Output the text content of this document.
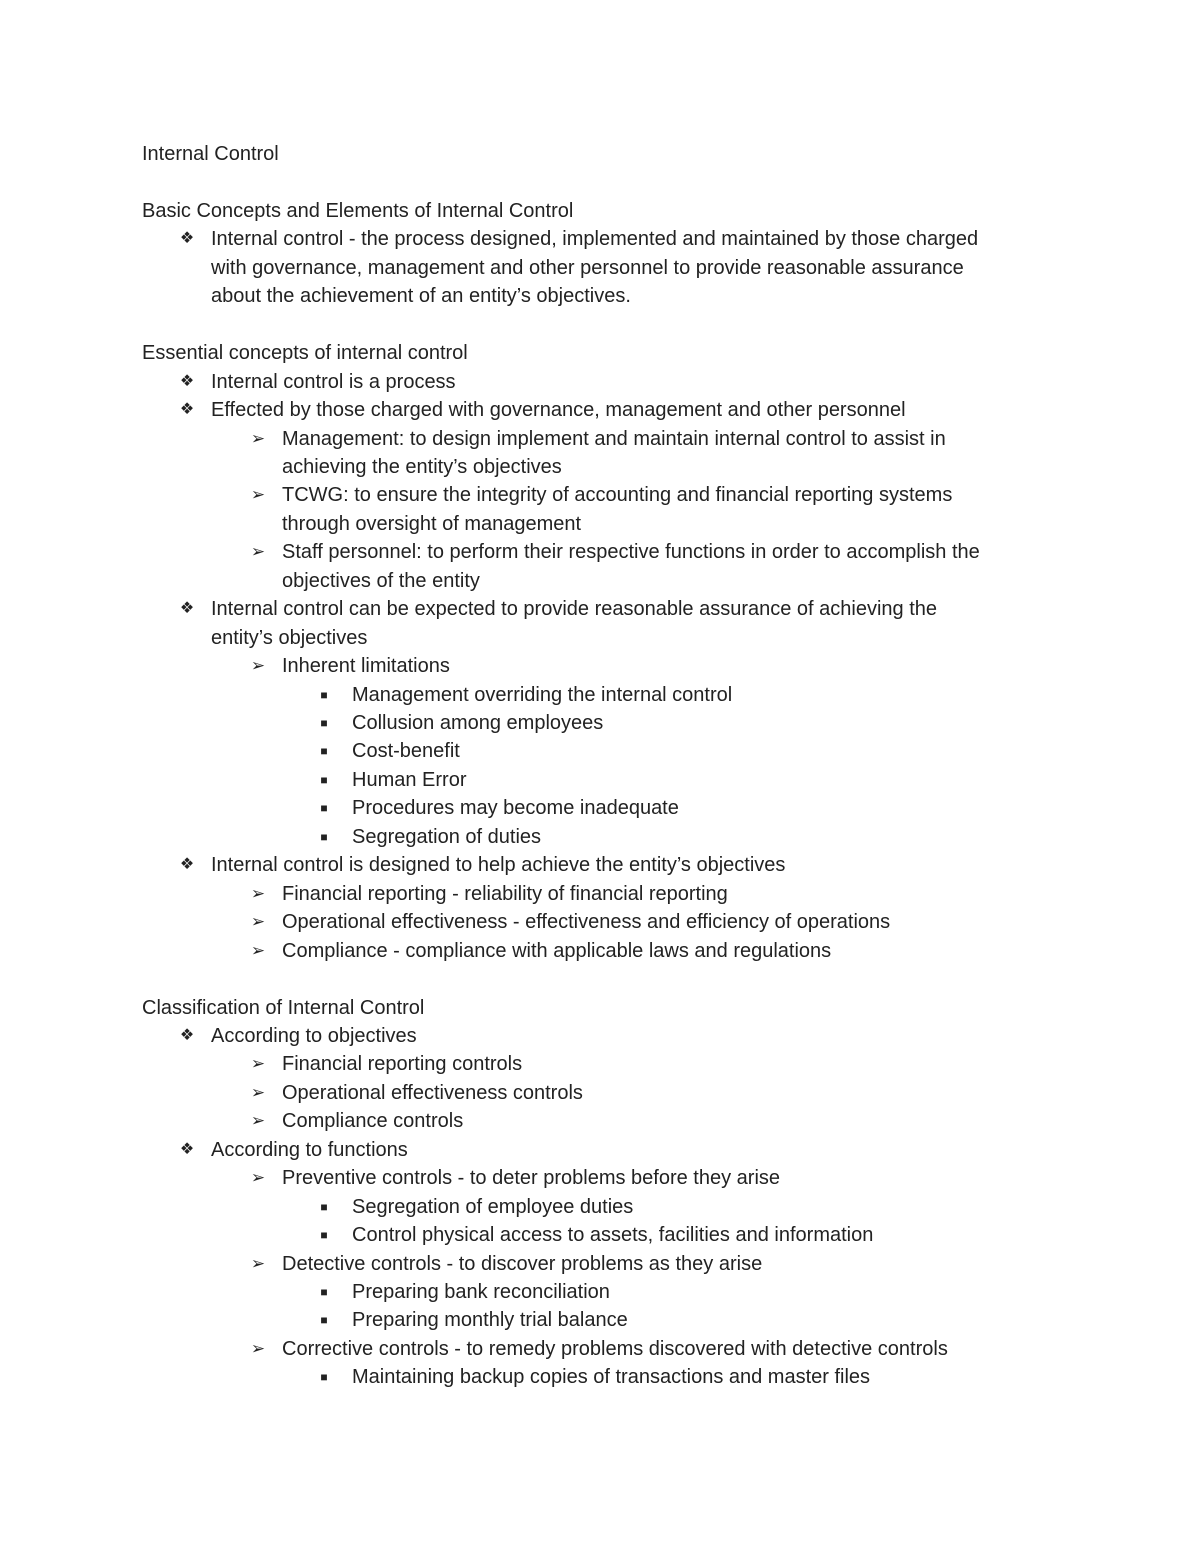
Internal Control
Basic Concepts and Elements of Internal Control
Internal control - the process designed, implemented and maintained by those charged
❖
with governance, management and other personnel to provide reasonable assurance
about the achievement of an entity’s objectives.
Essential concepts of internal control
Internal control is a process
❖
Effected by those charged with governance, management and other personnel
❖
Management: to design implement and maintain internal control to assist in
➢
achieving the entity’s objectives
TCWG: to ensure the integrity of accounting and financial reporting systems
➢
through oversight of management
Staff personnel: to perform their respective functions in order to accomplish the
➢
objectives of the entity
Internal control can be expected to provide reasonable assurance of achieving the
❖
entity’s objectives
Inherent limitations
➢
Management overriding the internal control
■
Collusion among employees
■
Cost-benefit
■
Human Error
■
Procedures may become inadequate
■
Segregation of duties
■
Internal control is designed to help achieve the entity’s objectives
❖
Financial reporting - reliability of financial reporting
➢
Operational effectiveness - effectiveness and efficiency of operations
➢
Compliance - compliance with applicable laws and regulations
➢
Classification of Internal Control
According to objectives
❖
Financial reporting controls
➢
Operational effectiveness controls
➢
Compliance controls
➢
According to functions
❖
Preventive controls - to deter problems before they arise
➢
Segregation of employee duties
■
Control physical access to assets, facilities and information
■
Detective controls - to discover problems as they arise
➢
Preparing bank reconciliation
■
Preparing monthly trial balance
■
Corrective controls - to remedy problems discovered with detective controls
➢
Maintaining backup copies of transactions and master files
■
